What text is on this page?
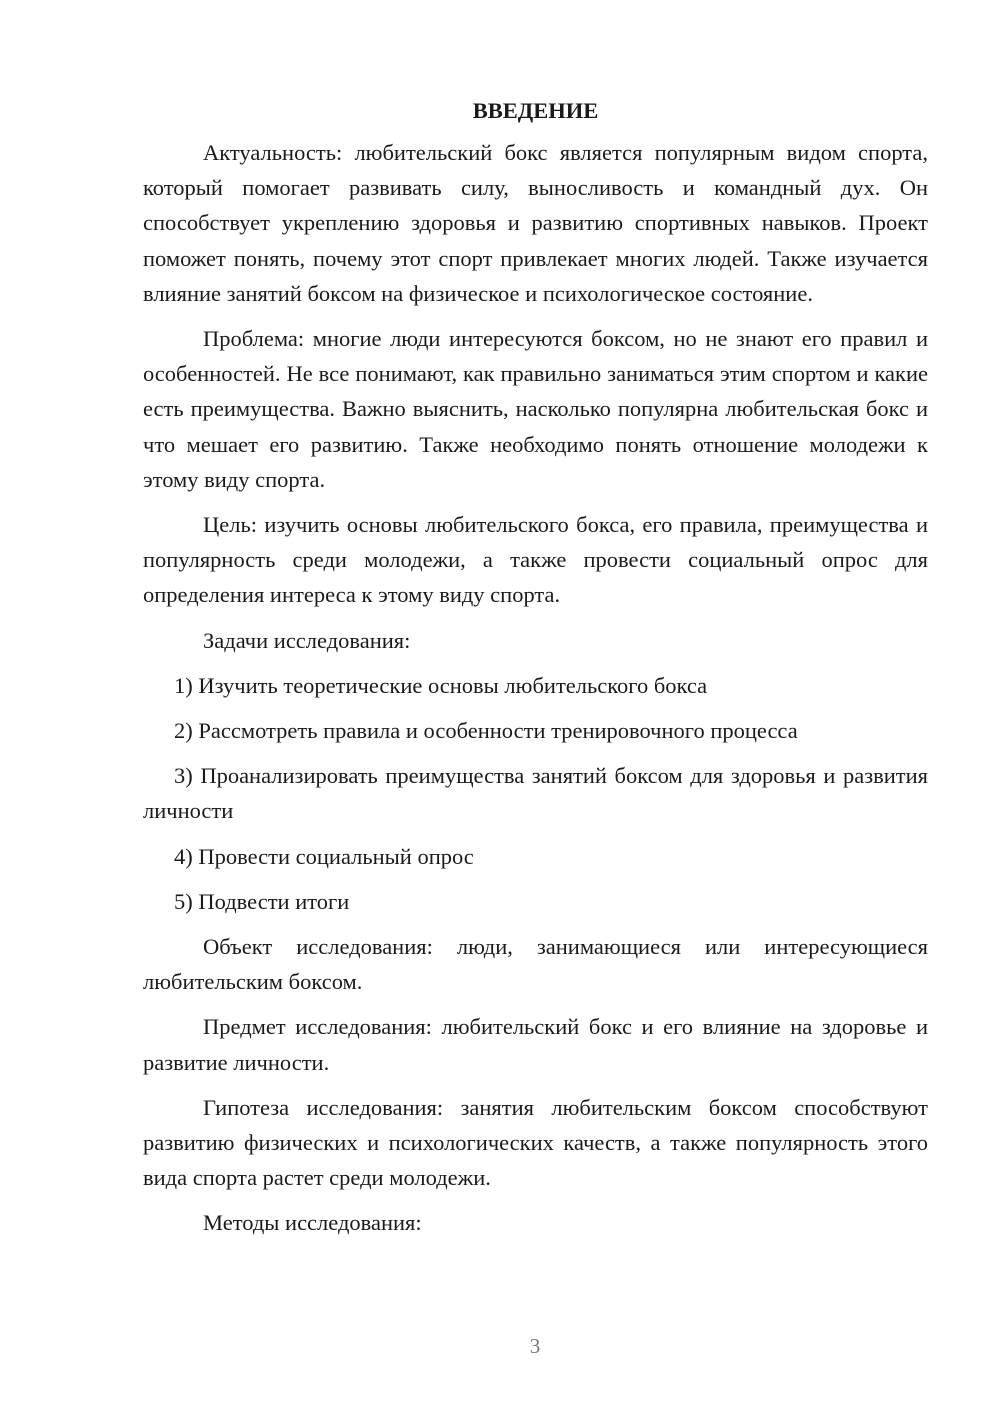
ВВЕДЕНИЕ

Актуальность: любительский бокс является популярным видом спорта, который помогает развивать силу, выносливость и командный дух. Он способствует укреплению здоровья и развитию спортивных навыков. Проект поможет понять, почему этот спорт привлекает многих людей. Также изучается влияние занятий боксом на физическое и психологическое состояние.

Проблема: многие люди интересуются боксом, но не знают его правил и особенностей. Не все понимают, как правильно заниматься этим спортом и какие есть преимущества. Важно выяснить, насколько популярна любительская бокс и что мешает его развитию. Также необходимо понять отношение молодежи к этому виду спорта.

Цель: изучить основы любительского бокса, его правила, преимущества и популярность среди молодежи, а также провести социальный опрос для определения интереса к этому виду спорта.

Задачи исследования:

1) Изучить теоретические основы любительского бокса

2) Рассмотреть правила и особенности тренировочного процесса

3) Проанализировать преимущества занятий боксом для здоровья и развития личности

4) Провести социальный опрос

5) Подвести итоги

Объект исследования: люди, занимающиеся или интересующиеся любительским боксом.

Предмет исследования: любительский бокс и его влияние на здоровье и развитие личности.

Гипотеза исследования: занятия любительским боксом способствуют развитию физических и психологических качеств, а также популярность этого вида спорта растет среди молодежи.

Методы исследования:

3
